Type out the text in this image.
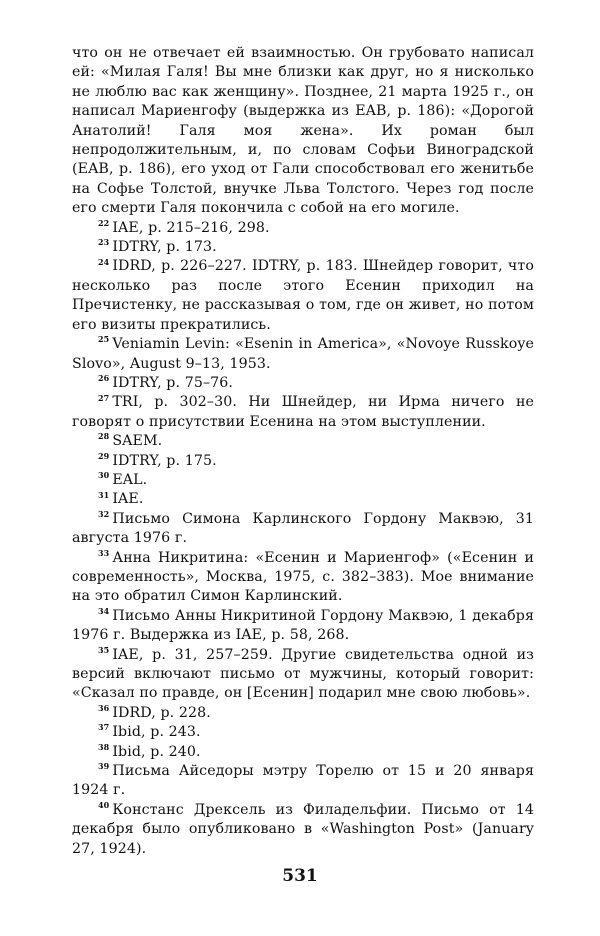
что он не отвечает ей взаимностью. Он грубовато написал ей: «Милая Галя! Вы мне близки как друг, но я нисколько не люблю вас как женщину». Позднее, 21 марта 1925 г., он написал Мариенгофу (выдержка из EAB, p. 186): «Дорогой Анатолий! Галя моя жена». Их роман был непродолжительным, и, по словам Софьи Виноградской (EAB, p. 186), его уход от Гали способствовал его женитьбе на Софье Толстой, внучке Льва Толстого. Через год после его смерти Галя покончила с собой на его могиле.

$^{22}$ IAE, p. 215–216, 298.

$^{23}$ IDTRY, p. 173.

$^{24}$ IDRD, p. 226–227. IDTRY, p. 183. Шнейдер говорит, что несколько раз после этого Есенин приходил на Пречистенку, не рассказывая о том, где он живет, но потом его визиты прекратились.

$^{25}$ Veniamin Levin: «Esenin in America», «Novoye Russkoye Slovo», August 9–13, 1953.

$^{26}$ IDTRY, p. 75–76.

$^{27}$ TRI, p. 302–30. Ни Шнейдер, ни Ирма ничего не говорят о присутствии Есенина на этом выступлении.

$^{28}$ SAEM.

$^{29}$ IDTRY, p. 175.

$^{30}$ EAL.

$^{31}$ IAE.

$^{32}$ Письмо Симона Карлинского Гордону Маквэю, 31 августа 1976 г.

$^{33}$ Анна Никритина: «Есенин и Мариенгоф» («Есенин и современность», Москва, 1975, с. 382–383). Мое внимание на это обратил Симон Карлинский.

$^{34}$ Письмо Анны Никритиной Гордону Маквэю, 1 декабря 1976 г. Выдержка из IAE, p. 58, 268.

$^{35}$ IAE, p. 31, 257–259. Другие свидетельства одной из версий включают письмо от мужчины, который говорит: «Сказал по правде, он [Есенин] подарил мне свою любовь».

$^{36}$ IDRD, p. 228.

$^{37}$ Ibid, p. 243.

$^{38}$ Ibid, p. 240.

$^{39}$ Письма Айседоры мэтру Торелю от 15 и 20 января 1924 г.

$^{40}$ Констанс Дрексель из Филадельфии. Письмо от 14 декабря было опубликовано в «Washington Post» (January 27, 1924).

531
